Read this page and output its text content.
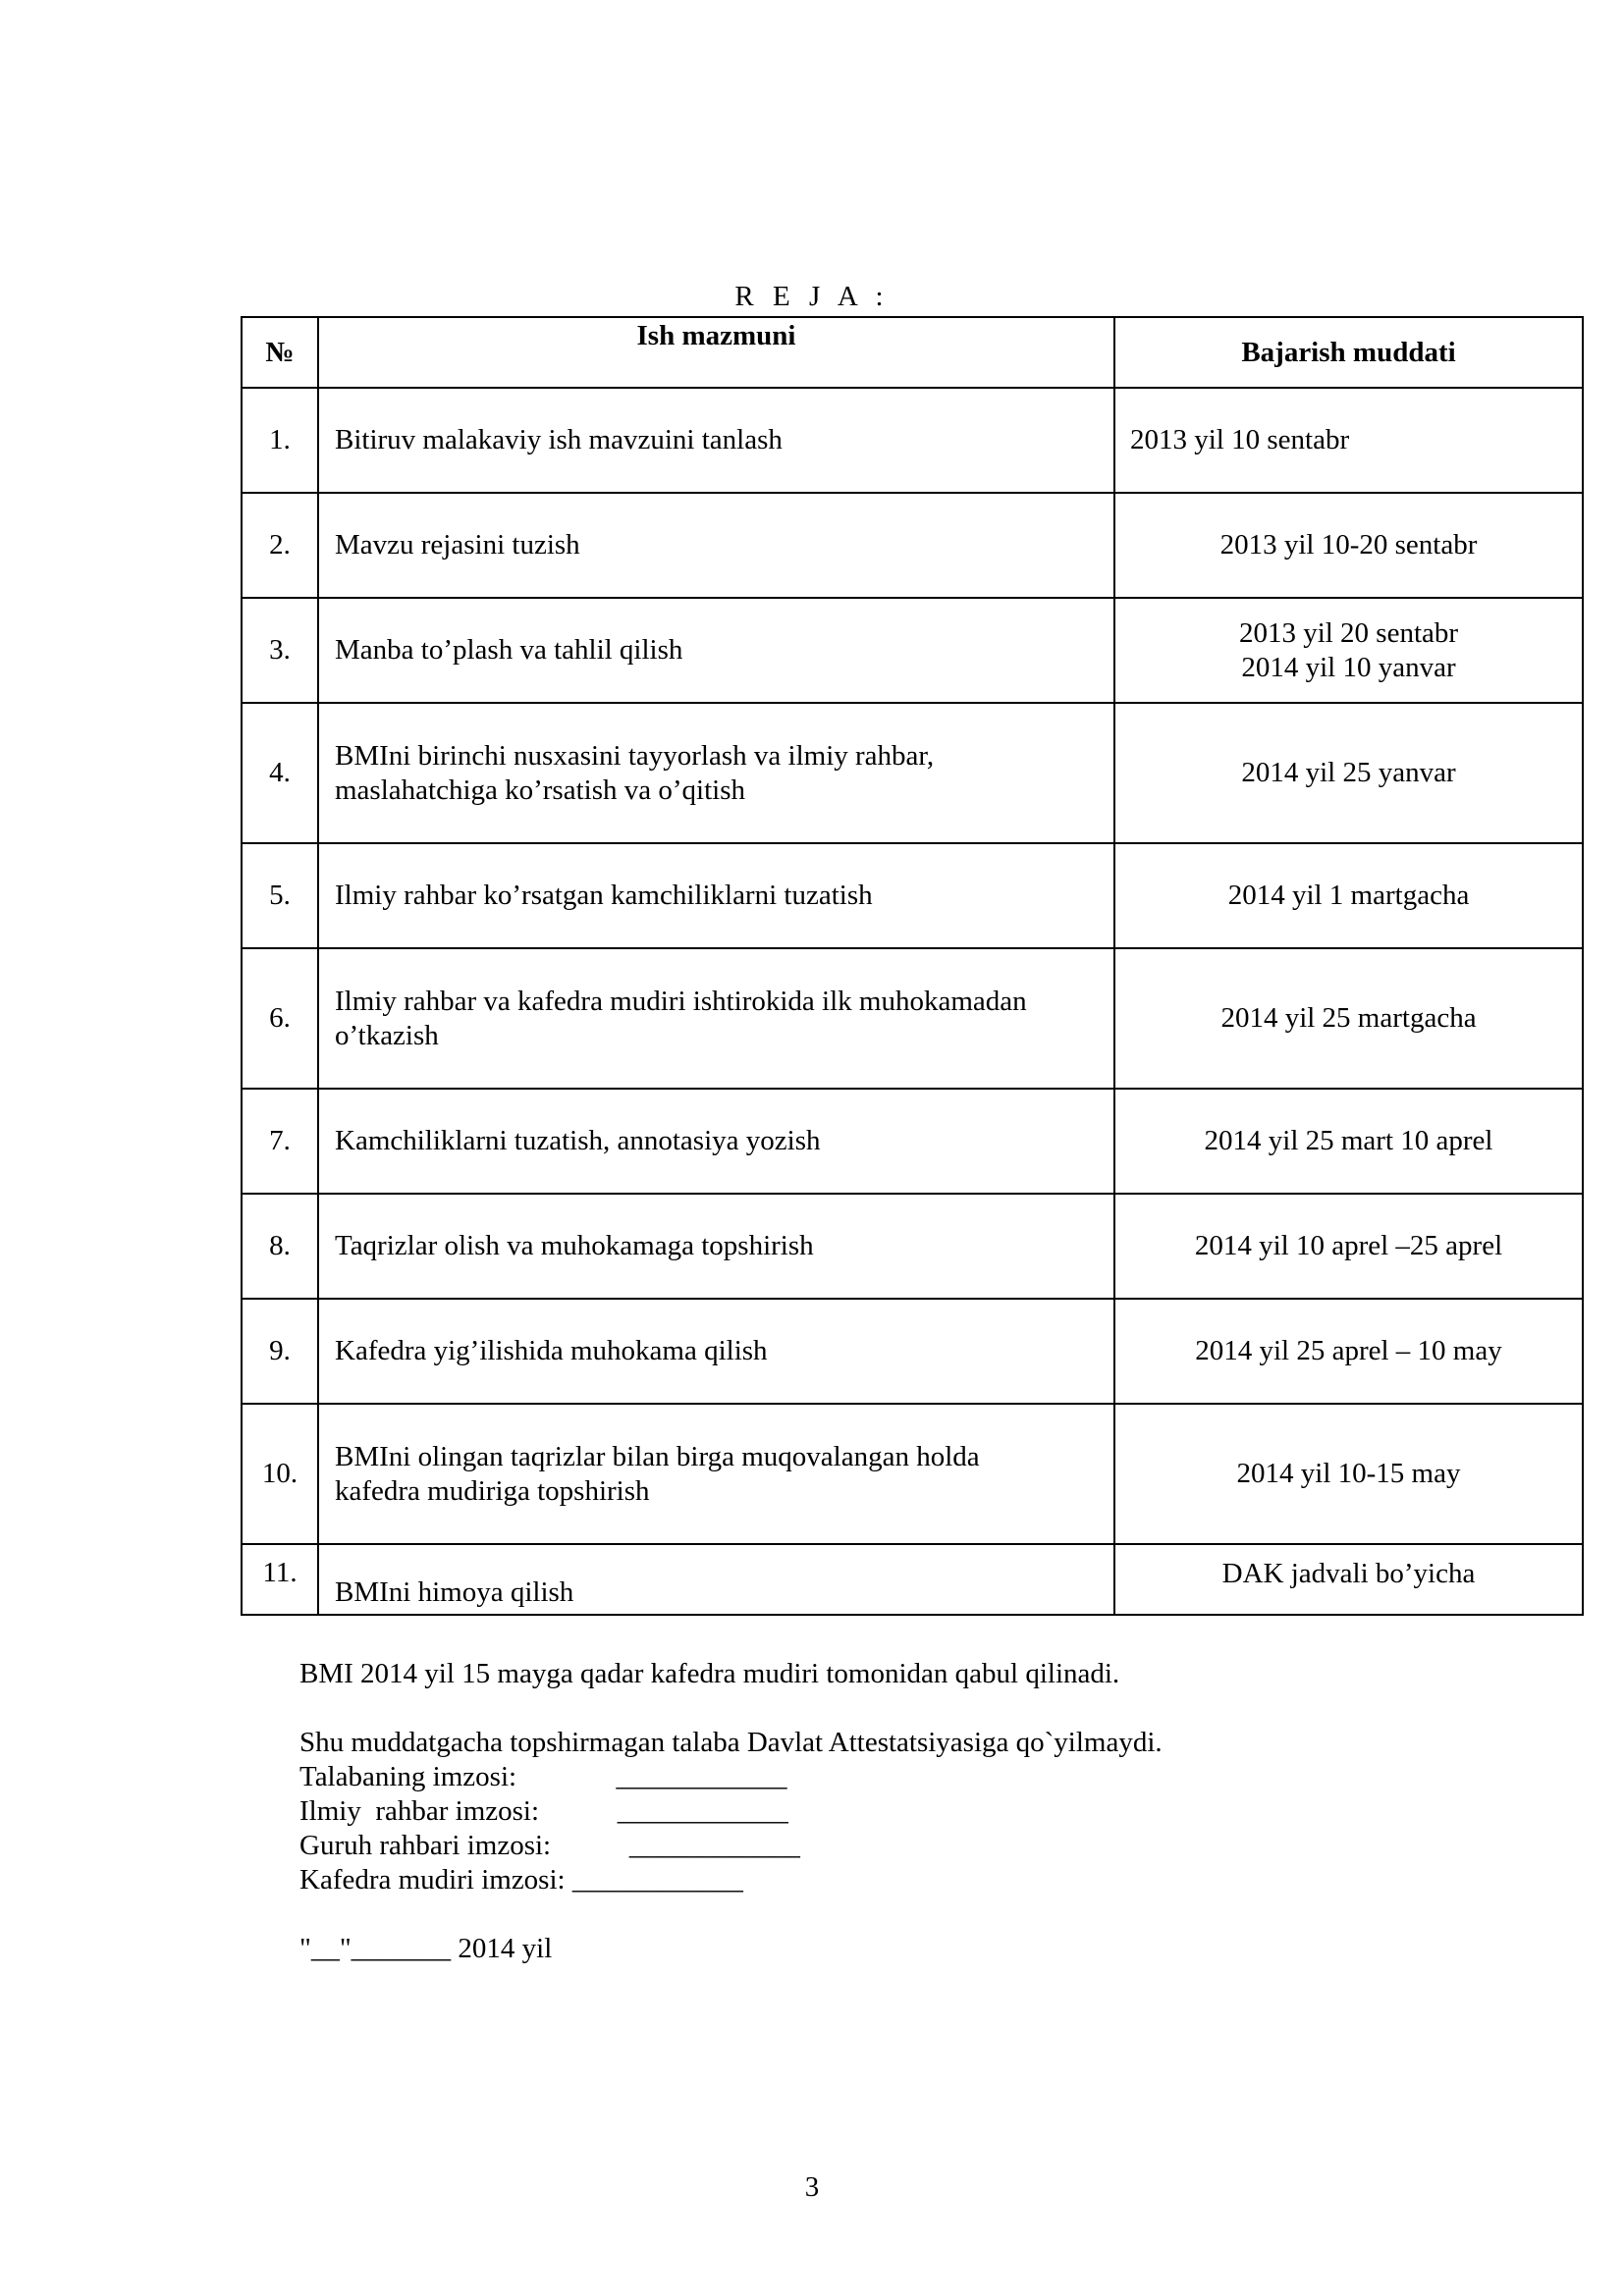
R E J A :
№	Ish mazmuni	Bajarish muddati
1.	Bitiruv malakaviy ish mavzuini tanlash	2013 yil 10 sentabr
2.	Mavzu rejasini tuzish	2013 yil 10-20 sentabr
3.	Manba to’plash va tahlil qilish	2013 yil 20 sentabr
2014 yil 10 yanvar

4.	BMIni birinchi nusxasini tayyorlash va ilmiy rahbar,
maslahatchiga ko’rsatish va o’qitish	2014 yil 25 yanvar
5.	Ilmiy rahbar ko’rsatgan kamchiliklarni tuzatish	2014 yil 1 martgacha
6.	Ilmiy rahbar va kafedra mudiri ishtirokida ilk muhokamadan
o’tkazish	2014 yil 25 martgacha
7.	Kamchiliklarni tuzatish, annotasiya yozish	2014 yil 25 mart 10 aprel
8.	Taqrizlar olish va muhokamaga topshirish	2014 yil 10 aprel –25 aprel
9.	Kafedra yig’ilishida muhokama qilish	2014 yil 25 aprel – 10 may
10.	BMIni olingan taqrizlar bilan birga muqovalangan holda
kafedra mudiriga topshirish	2014 yil 10-15 may
11.	BMIni himoya qilish	DAK jadvali bo’yicha

BMI 2014 yil 15 mayga qadar kafedra mudiri tomonidan qabul qilinadi.

Shu muddatgacha topshirmagan talaba Davlat Attestatsiyasiga qo`yilmaydi.

Talabaning imzosi:              ____________

Ilmiy  rahbar imzosi:           ____________

Guruh rahbari imzosi:           ____________

Kafedra mudiri imzosi: ____________

"__"_______ 2014 yil

3
